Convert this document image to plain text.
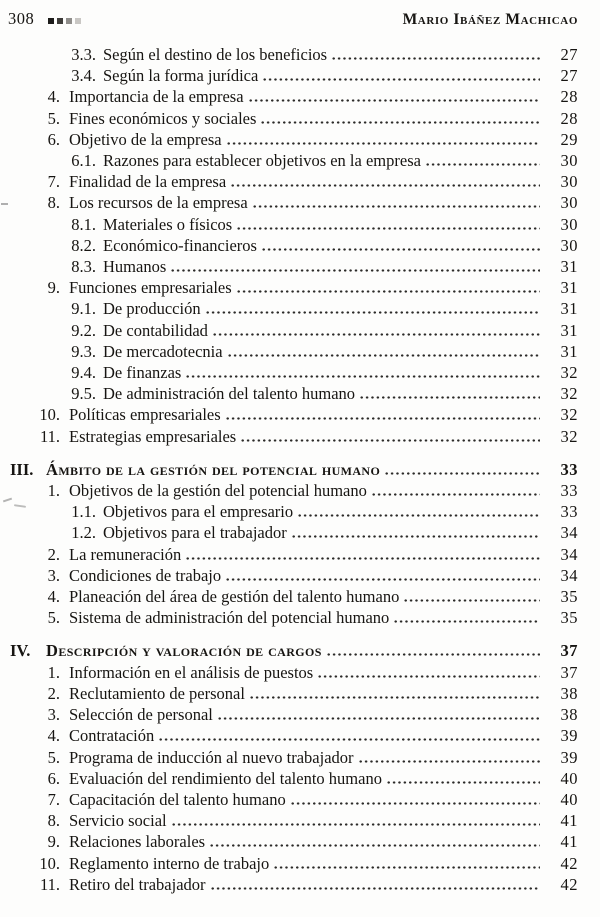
308	Mario Ibáñez Machicao
3.3. Según el destino de los beneficios	27
3.4. Según la forma jurídica	27
4. Importancia de la empresa	28
5. Fines económicos y sociales	28
6. Objetivo de la empresa	29
6.1. Razones para establecer objetivos en la empresa	30
7. Finalidad de la empresa	30
8. Los recursos de la empresa	30
8.1. Materiales o físicos	30
8.2. Económico-financieros	30
8.3. Humanos	31
9. Funciones empresariales	31
9.1. De producción	31
9.2. De contabilidad	31
9.3. De mercadotecnia	31
9.4. De finanzas	32
9.5. De administración del talento humano	32
10. Políticas empresariales	32
11. Estrategias empresariales	32
III. Ámbito de la gestión del potencial humano	33
1. Objetivos de la gestión del potencial humano	33
1.1. Objetivos para el empresario	33
1.2. Objetivos para el trabajador	34
2. La remuneración	34
3. Condiciones de trabajo	34
4. Planeación del área de gestión del talento humano	35
5. Sistema de administración del potencial humano	35
IV. Descripción y valoración de cargos	37
1. Información en el análisis de puestos	37
2. Reclutamiento de personal	38
3. Selección de personal	38
4. Contratación	39
5. Programa de inducción al nuevo trabajador	39
6. Evaluación del rendimiento del talento humano	40
7. Capacitación del talento humano	40
8. Servicio social	41
9. Relaciones laborales	41
10. Reglamento interno de trabajo	42
11. Retiro del trabajador	42
